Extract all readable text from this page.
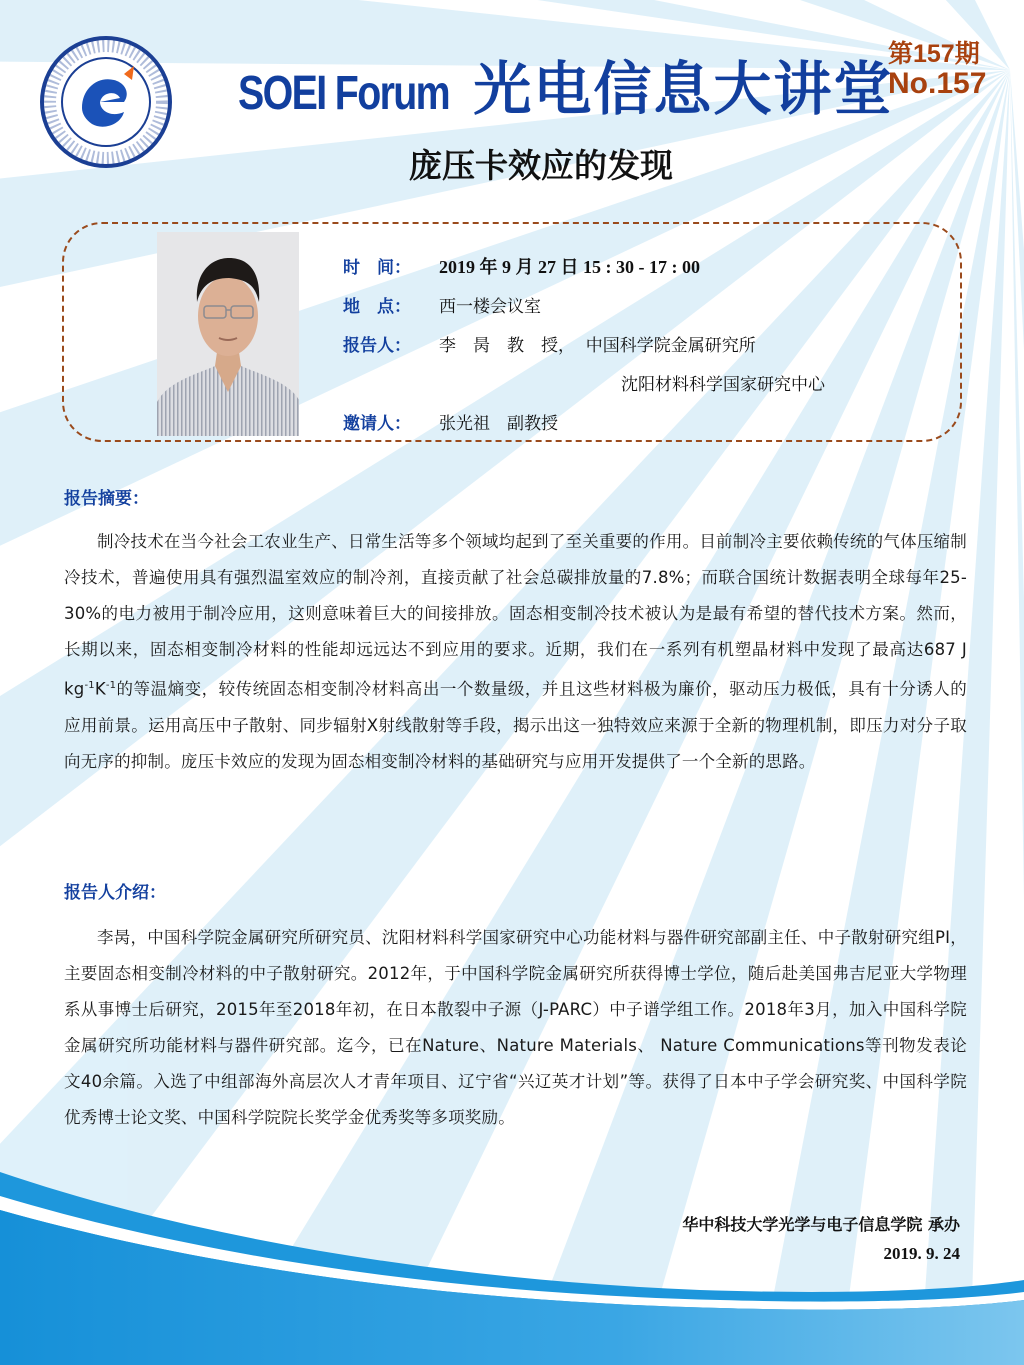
SOEI Forum 光电信息大讲堂
第157期
No.157
庞压卡效应的发现
时　间：	2019 年 9 月 27 日 15 : 30 - 17 : 00
地　点：	西一楼会议室
报告人：	李　昺　教　授，  中国科学院金属研究所
沈阳材料科学国家研究中心
邀请人：	张光祖　副教授
报告摘要：
制冷技术在当今社会工农业生产、日常生活等多个领域均起到了至关重要的作用。目前制冷主要依赖传统的气体压缩制冷技术，普遍使用具有强烈温室效应的制冷剂，直接贡献了社会总碳排放量的7.8%；而联合国统计数据表明全球每年25-30%的电力被用于制冷应用，这则意味着巨大的间接排放。固态相变制冷技术被认为是最有希望的替代技术方案。然而，长期以来，固态相变制冷材料的性能却远远达不到应用的要求。近期，我们在一系列有机塑晶材料中发现了最高达687 J $kg^{-1}K^{-1}$的等温熵变，较传统固态相变制冷材料高出一个数量级，并且这些材料极为廉价，驱动压力极低，具有十分诱人的应用前景。运用高压中子散射、同步辐射X射线散射等手段，揭示出这一独特效应来源于全新的物理机制，即压力对分子取向无序的抑制。庞压卡效应的发现为固态相变制冷材料的基础研究与应用开发提供了一个全新的思路。
报告人介绍：
李昺，中国科学院金属研究所研究员、沈阳材料科学国家研究中心功能材料与器件研究部副主任、中子散射研究组PI，主要固态相变制冷材料的中子散射研究。2012年，于中国科学院金属研究所获得博士学位，随后赴美国弗吉尼亚大学物理系从事博士后研究，2015年至2018年初，在日本散裂中子源（J-PARC）中子谱学组工作。2018年3月，加入中国科学院金属研究所功能材料与器件研究部。迄今，已在Nature、Nature Materials、 Nature Communications等刊物发表论文40余篇。入选了中组部海外高层次人才青年项目、辽宁省“兴辽英才计划”等。获得了日本中子学会研究奖、中国科学院优秀博士论文奖、中国科学院院长奖学金优秀奖等多项奖励。
华中科技大学光学与电子信息学院 承办
2019. 9. 24
